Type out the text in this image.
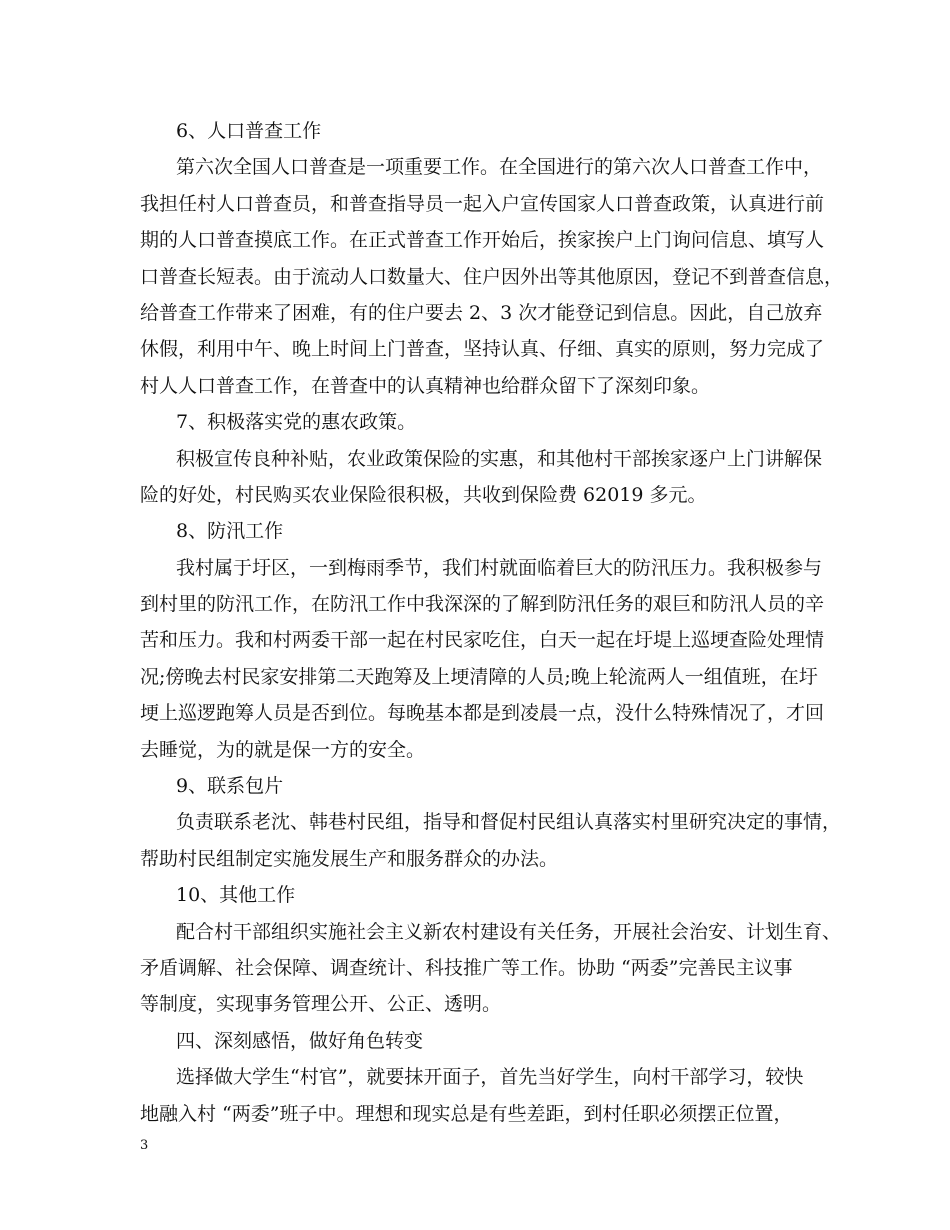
6、人口普查工作

第六次全国人口普查是一项重要工作。在全国进行的第六次人口普查工作中，

我担任村人口普查员，和普查指导员一起入户宣传国家人口普查政策，认真进行前

期的人口普查摸底工作。在正式普查工作开始后，挨家挨户上门询问信息、填写人

口普查长短表。由于流动人口数量大、住户因外出等其他原因，登记不到普查信息，

给普查工作带来了困难，有的住户要去 2、3 次才能登记到信息。因此，自己放弃

休假，利用中午、晚上时间上门普查，坚持认真、仔细、真实的原则，努力完成了

村人人口普查工作，在普查中的认真精神也给群众留下了深刻印象。

7、积极落实党的惠农政策。

积极宣传良种补贴，农业政策保险的实惠，和其他村干部挨家逐户上门讲解保

险的好处，村民购买农业保险很积极，共收到保险费 62019 多元。

8、防汛工作

我村属于圩区，一到梅雨季节，我们村就面临着巨大的防汛压力。我积极参与

到村里的防汛工作，在防汛工作中我深深的了解到防汛任务的艰巨和防汛人员的辛

苦和压力。我和村两委干部一起在村民家吃住，白天一起在圩堤上巡埂查险处理情

况;傍晚去村民家安排第二天跑筹及上埂清障的人员;晚上轮流两人一组值班，在圩

埂上巡逻跑筹人员是否到位。每晚基本都是到凌晨一点，没什么特殊情况了，才回

去睡觉，为的就是保一方的安全。

9、联系包片

负责联系老沈、韩巷村民组，指导和督促村民组认真落实村里研究决定的事情，

帮助村民组制定实施发展生产和服务群众的办法。

10、其他工作

配合村干部组织实施社会主义新农村建设有关任务，开展社会治安、计划生育、

矛盾调解、社会保障、调查统计、科技推广等工作。协助 “两委”完善民主议事

等制度，实现事务管理公开、公正、透明。

四、深刻感悟，做好角色转变

选择做大学生“村官”，就要抹开面子，首先当好学生，向村干部学习，较快

地融入村 “两委”班子中。理想和现实总是有些差距，到村任职必须摆正位置，

3
